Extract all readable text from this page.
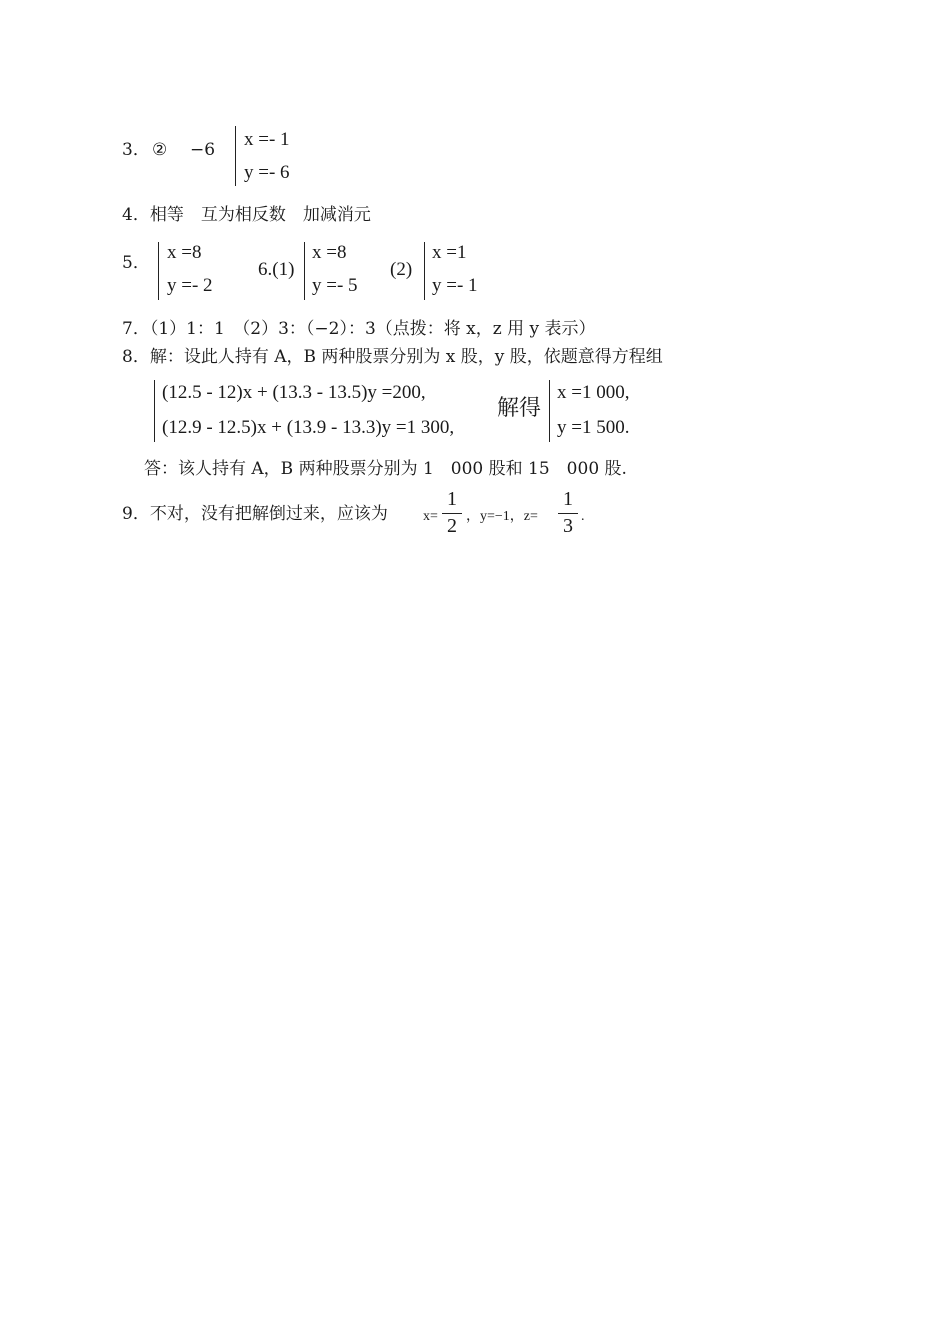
3． ② −6 x =- 1
y =- 6
4．相等　互为相反数　加减消元
5． x =8
y =- 2
6.(1)
x =8
y =- 5
(2)
x =1
y =- 1
7．（1）1：1　（2）3：（−2）：3（点拨：将 x，z 用 y 表示）
8．解：设此人持有 A，B 两种股票分别为 x 股，y 股，依题意得方程组
(12.5 - 12)x + (13.3 - 13.5)y =200,
(12.9 - 12.5)x + (13.9 - 13.3)y =1 300,
解得
x =1 000,
y =1 500.
答：该人持有 A，B 两种股票分别为 1　000 股和 15　000 股.
9．不对，没有把解倒过来，应该为	x=
1
2 ，y=−1，z=
1
3 .
